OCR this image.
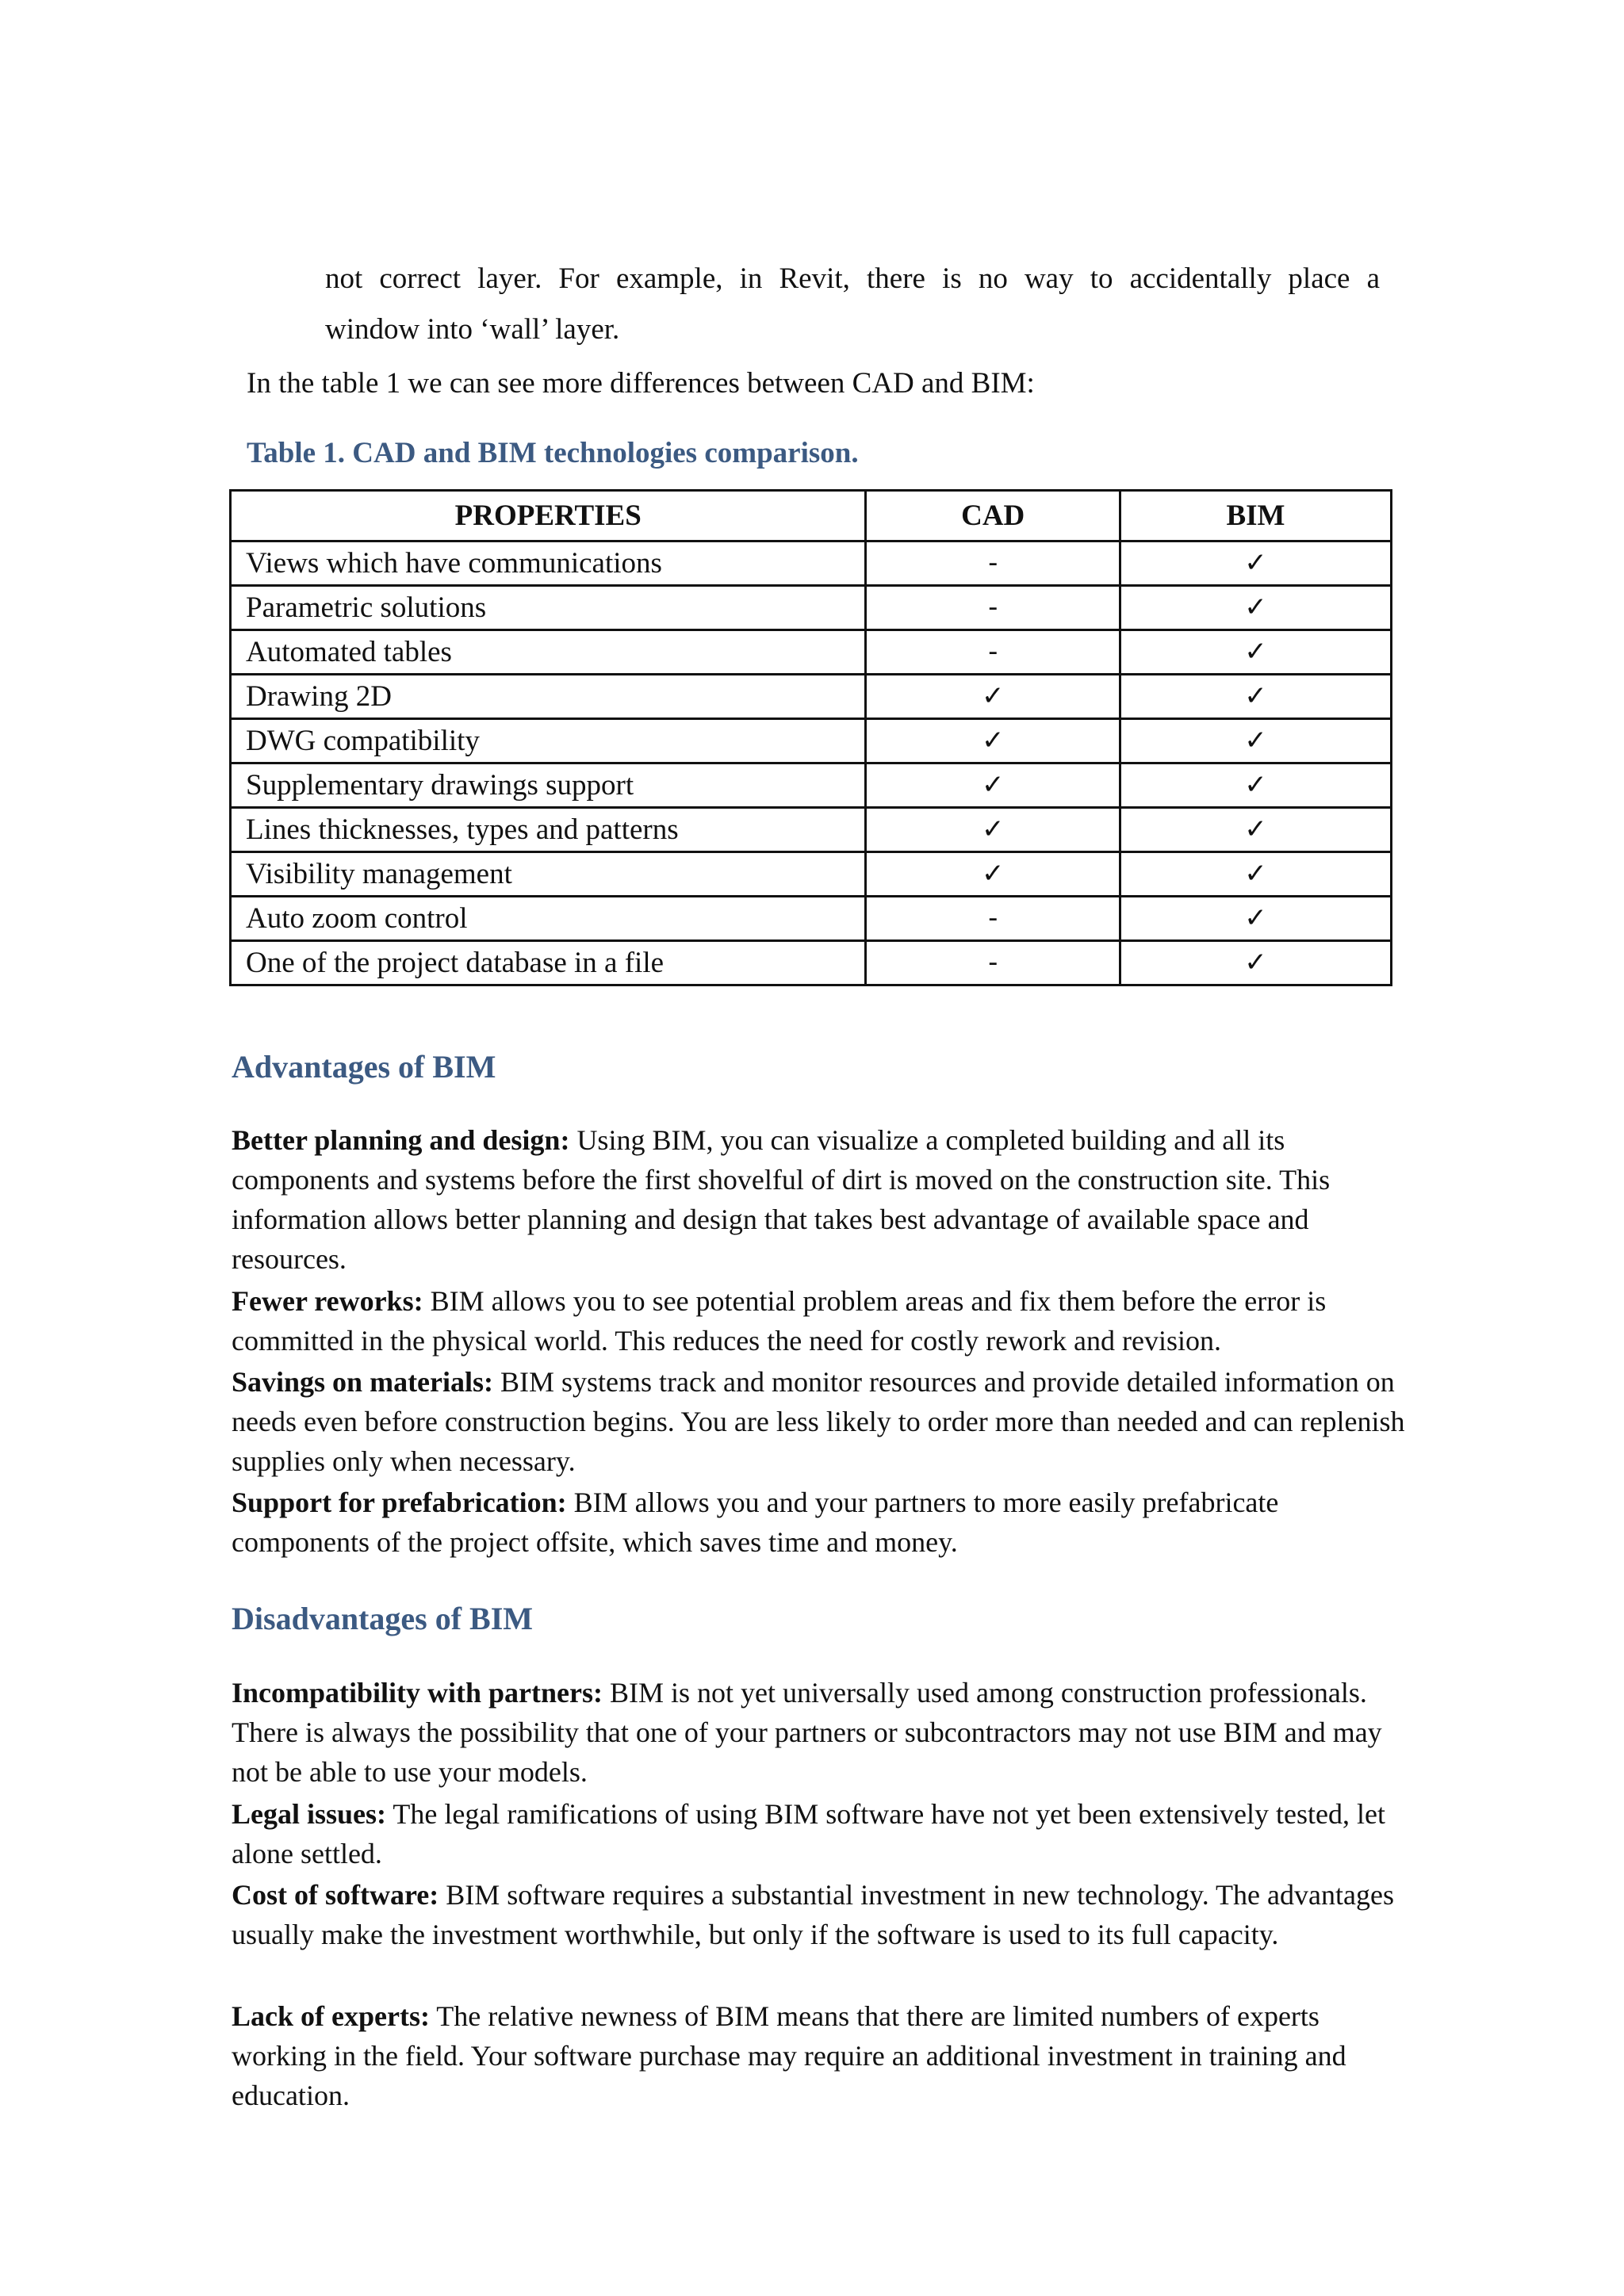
not correct layer. For example, in Revit, there is no way to accidentally place a

window into ‘wall’ layer.

In the table 1 we can see more differences between CAD and BIM:

Table 1. CAD and BIM technologies comparison.

PROPERTIES	CAD	BIM
Views which have communications	-	✓
Parametric solutions	-	✓
Automated tables	-	✓
Drawing 2D	✓	✓
DWG compatibility	✓	✓
Supplementary drawings support	✓	✓
Lines thicknesses, types and patterns	✓	✓
Visibility management	✓	✓
Auto zoom control	-	✓
One of the project database in a file	-	✓
Advantages of BIM

Better planning and design: Using BIM, you can visualize a completed building and all its components and systems before the first shovelful of dirt is moved on the construction site. This information allows better planning and design that takes best advantage of available space and resources.

Fewer reworks: BIM allows you to see potential problem areas and fix them before the error is committed in the physical world. This reduces the need for costly rework and revision.

Savings on materials: BIM systems track and monitor resources and provide detailed information on needs even before construction begins. You are less likely to order more than needed and can replenish supplies only when necessary.

Support for prefabrication: BIM allows you and your partners to more easily prefabricate components of the project offsite, which saves time and money.

Disadvantages of BIM

Incompatibility with partners: BIM is not yet universally used among construction professionals. There is always the possibility that one of your partners or subcontractors may not use BIM and may not be able to use your models.

Legal issues: The legal ramifications of using BIM software have not yet been extensively tested, let alone settled.

Cost of software: BIM software requires a substantial investment in new technology. The advantages usually make the investment worthwhile, but only if the software is used to its full capacity.

Lack of experts: The relative newness of BIM means that there are limited numbers of experts working in the field. Your software purchase may require an additional investment in training and education.
